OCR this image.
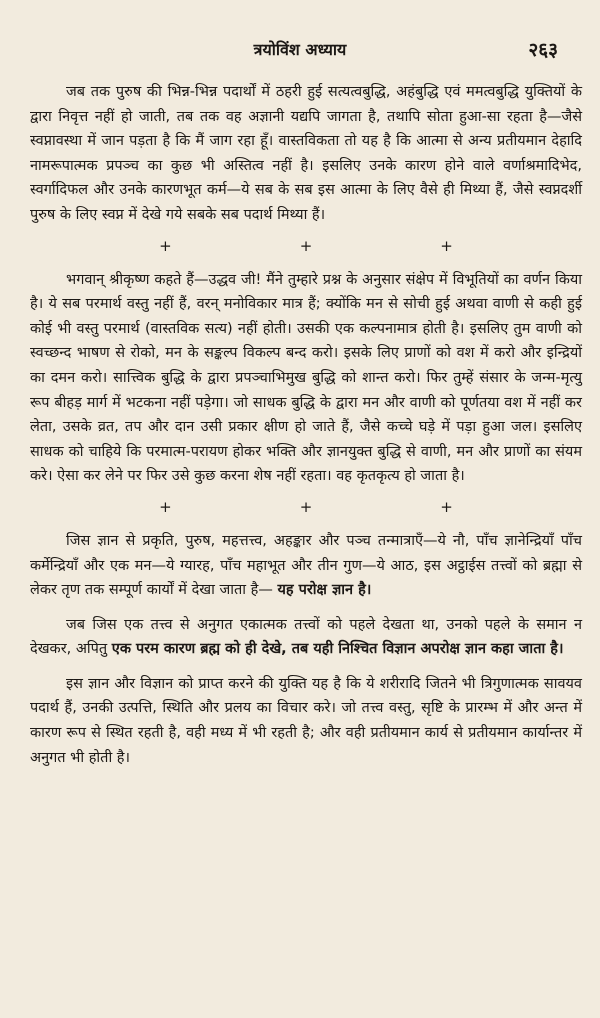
त्रयोविंश अध्याय	२६३

जब तक पुरुष की भिन्न-भिन्न पदार्थों में ठहरी हुई सत्यत्वबुद्धि, अहंबुद्धि एवं ममत्वबुद्धि युक्तियों के द्वारा निवृत्त नहीं हो जाती, तब तक वह अज्ञानी यद्यपि जागता है, तथापि सोता हुआ-सा रहता है—जैसे स्वप्नावस्था में जान पड़ता है कि मैं जाग रहा हूँ। वास्तविकता तो यह है कि आत्मा से अन्य प्रतीयमान देहादि नामरूपात्मक प्रपञ्च का कुछ भी अस्तित्व नहीं है। इसलिए उनके कारण होने वाले वर्णाश्रमादिभेद, स्वर्गादिफल और उनके कारणभूत कर्म—ये सब के सब इस आत्मा के लिए वैसे ही मिथ्या हैं, जैसे स्वप्नदर्शी पुरुष के लिए स्वप्न में देखे गये सबके सब पदार्थ मिथ्या हैं।

+	+	+

भगवान् श्रीकृष्ण कहते हैं—उद्धव जी! मैंने तुम्हारे प्रश्न के अनुसार संक्षेप में विभूतियों का वर्णन किया है। ये सब परमार्थ वस्तु नहीं हैं, वरन् मनोविकार मात्र हैं; क्योंकि मन से सोची हुई अथवा वाणी से कही हुई कोई भी वस्तु परमार्थ (वास्तविक सत्य) नहीं होती। उसकी एक कल्पनामात्र होती है। इसलिए तुम वाणी को स्वच्छन्द भाषण से रोको, मन के सङ्कल्प विकल्प बन्द करो। इसके लिए प्राणों को वश में करो और इन्द्रियों का दमन करो। सात्त्विक बुद्धि के द्वारा प्रपञ्चाभिमुख बुद्धि को शान्त करो। फिर तुम्हें संसार के जन्म-मृत्यु रूप बीहड़ मार्ग में भटकना नहीं पड़ेगा। जो साधक बुद्धि के द्वारा मन और वाणी को पूर्णतया वश में नहीं कर लेता, उसके व्रत, तप और दान उसी प्रकार क्षीण हो जाते हैं, जैसे कच्चे घड़े में पड़ा हुआ जल। इसलिए साधक को चाहिये कि परमात्म-परायण होकर भक्ति और ज्ञानयुक्त बुद्धि से वाणी, मन और प्राणों का संयम करे। ऐसा कर लेने पर फिर उसे कुछ करना शेष नहीं रहता। वह कृतकृत्य हो जाता है।

+	+	+

जिस ज्ञान से प्रकृति, पुरुष, महत्तत्त्व, अहङ्कार और पञ्च तन्मात्राएँ—ये नौ, पाँच ज्ञानेन्द्रियाँ पाँच कर्मेन्द्रियाँ और एक मन—ये ग्यारह, पाँच महाभूत और तीन गुण—ये आठ, इस अट्ठाईस तत्त्वों को ब्रह्मा से लेकर तृण तक सम्पूर्ण कार्यों में देखा जाता है— यह परोक्ष ज्ञान है।

जब जिस एक तत्त्व से अनुगत एकात्मक तत्त्वों को पहले देखता था, उनको पहले के समान न देखकर, अपितु एक परम कारण ब्रह्म को ही देखे, तब यही निश्चित विज्ञान अपरोक्ष ज्ञान कहा जाता है।

इस ज्ञान और विज्ञान को प्राप्त करने की युक्ति यह है कि ये शरीरादि जितने भी त्रिगुणात्मक सावयव पदार्थ हैं, उनकी उत्पत्ति, स्थिति और प्रलय का विचार करे। जो तत्त्व वस्तु, सृष्टि के प्रारम्भ में और अन्त में कारण रूप से स्थित रहती है, वही मध्य में भी रहती है; और वही प्रतीयमान कार्य से प्रतीयमान कार्यान्तर में अनुगत भी होती है।
